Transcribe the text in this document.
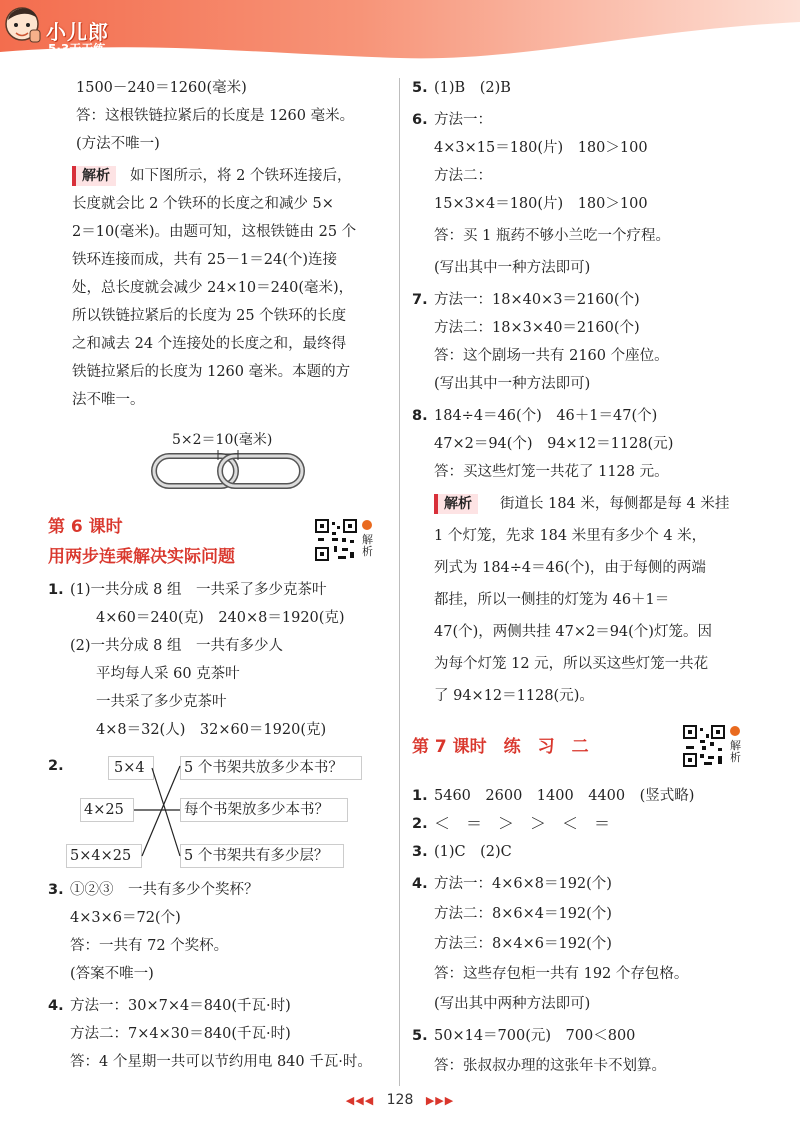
小儿郎
5·3天天练
1500－240＝1260(毫米)
答：这根铁链拉紧后的长度是 1260 毫米。
(方法不唯一)
解析	如下图所示，将 2 个铁环连接后，
长度就会比 2 个铁环的长度之和减少 5×
2＝10(毫米)。由题可知，这根铁链由 25 个
铁环连接而成，共有 25－1＝24(个)连接
处，总长度就会减少 24×10＝240(毫米)，
所以铁链拉紧后的长度为 25 个铁环的长度
之和减去 24 个连接处的长度之和，最终得
铁链拉紧后的长度为 1260 毫米。本题的方
法不唯一。
5×2＝10(毫米)
第 6 课时
用两步连乘解决实际问题
解析
1. (1)一共分成 8 组　一共采了多少克茶叶
4×60＝240(克)　240×8＝1920(克)
(2)一共分成 8 组　一共有多少人
平均每人采 60 克茶叶
一共采了多少克茶叶
4×8＝32(人)　32×60＝1920(克)
2.	5×4
4×25
5×4×25
5 个书架共放多少本书？
每个书架放多少本书？
5 个书架共有多少层？
3. ①②③　一共有多少个奖杯？
4×3×6＝72(个)
答：一共有 72 个奖杯。
(答案不唯一)
4. 方法一：30×7×4＝840(千瓦·时)
方法二：7×4×30＝840(千瓦·时)
答：4 个星期一共可以节约用电 840 千瓦·时。
5. (1)B　(2)B
6. 方法一：
4×3×15＝180(片)　180＞100
方法二：
15×3×4＝180(片)　180＞100
答：买 1 瓶药不够小兰吃一个疗程。
(写出其中一种方法即可)
7. 方法一：18×40×3＝2160(个)
方法二：18×3×40＝2160(个)
答：这个剧场一共有 2160 个座位。
(写出其中一种方法即可)
8. 184÷4＝46(个)　46＋1＝47(个)
47×2＝94(个)　94×12＝1128(元)
答：买这些灯笼一共花了 1128 元。
解析	街道长 184 米，每侧都是每 4 米挂
1 个灯笼，先求 184 米里有多少个 4 米，
列式为 184÷4＝46(个)，由于每侧的两端
都挂，所以一侧挂的灯笼为 46＋1＝
47(个)，两侧共挂 47×2＝94(个)灯笼。因
为每个灯笼 12 元，所以买这些灯笼一共花
了 94×12＝1128(元)。
第 7 课时　练　习　二	解析
1. 5460　2600　1400　4400　(竖式略)
2. ＜　＝　＞　＞　＜　＝
3. (1)C　(2)C
4. 方法一：4×6×8＝192(个)
方法二：8×6×4＝192(个)
方法三：8×4×6＝192(个)
答：这些存包柜一共有 192 个存包格。
(写出其中两种方法即可)
5. 50×14＝700(元)　700＜800
答：张叔叔办理的这张年卡不划算。
◀◀◀ 128 ▶▶▶
